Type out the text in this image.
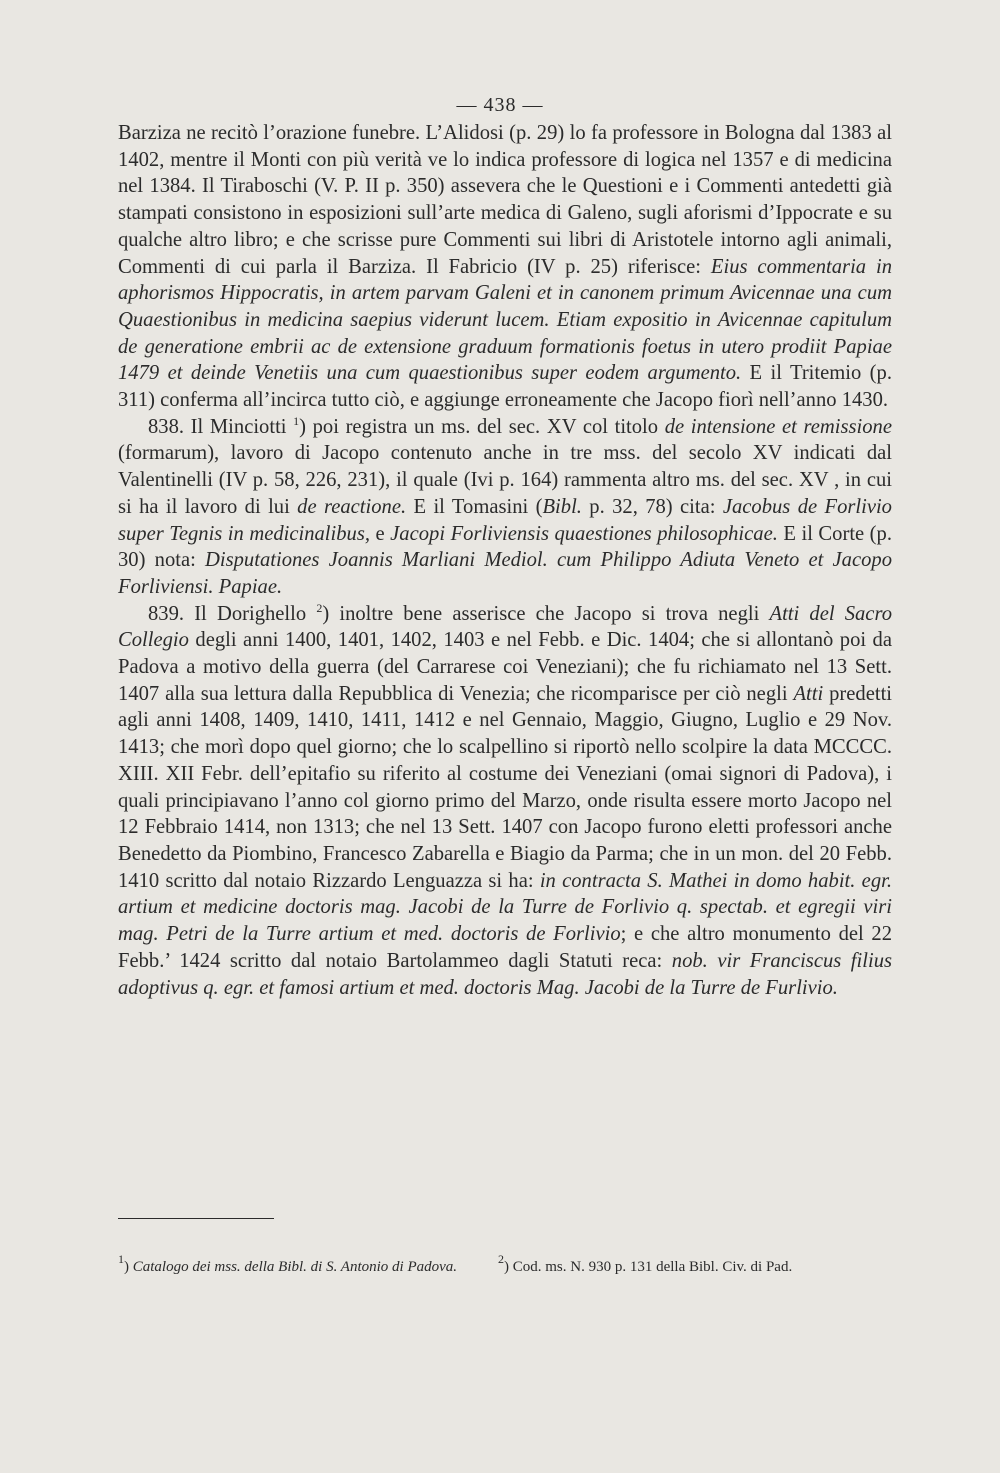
— 438 —

Barziza ne recitò l’orazione funebre. L’Alidosi (p. 29) lo fa professore in Bologna dal 1383 al 1402, mentre il Monti con più verità ve lo indica professore di logica nel 1357 e di medicina nel 1384. Il Tiraboschi (V. P. II p. 350) assevera che le Questioni e i Commenti antedetti già stampati consistono in esposizioni sull’arte medica di Galeno, sugli aforismi d’Ippocrate e su qualche altro libro; e che scrisse pure Commenti sui libri di Aristotele intorno agli animali, Commenti di cui parla il Barziza. Il Fabricio (IV p. 25) riferisce: Eius commentaria in aphorismos Hippocratis, in artem parvam Galeni et in canonem primum Avicennae una cum Quaestionibus in medicina saepius viderunt lucem. Etiam expositio in Avicennae capitulum de generatione embrii ac de extensione graduum formationis foetus in utero prodiit Papiae 1479 et deinde Venetiis una cum quaestionibus super eodem argumento. E il Tritemio (p. 311) conferma all’incirca tutto ciò, e aggiunge erroneamente che Jacopo fiorì nell’anno 1430.

838. Il Minciotti $^1$) poi registra un ms. del sec. XV col titolo de intensione et remissione (formarum), lavoro di Jacopo contenuto anche in tre mss. del secolo XV indicati dal Valentinelli (IV p. 58, 226, 231), il quale (Ivi p. 164) rammenta altro ms. del sec. XV , in cui si ha il lavoro di lui de reactione. E il Tomasini (Bibl. p. 32, 78) cita: Jacobus de Forlivio super Tegnis in medicinalibus, e Jacopi Forliviensis quaestiones philosophicae. E il Corte (p. 30) nota: Disputationes Joannis Marliani Mediol. cum Philippo Adiuta Veneto et Jacopo Forliviensi. Papiae.

839. Il Dorighello $^2$) inoltre bene asserisce che Jacopo si trova negli Atti del Sacro Collegio degli anni 1400, 1401, 1402, 1403 e nel Febb. e Dic. 1404; che si allontanò poi da Padova a motivo della guerra (del Carrarese coi Veneziani); che fu richiamato nel 13 Sett. 1407 alla sua lettura dalla Repubblica di Venezia; che ricomparisce per ciò negli Atti predetti agli anni 1408, 1409, 1410, 1411, 1412 e nel Gennaio, Maggio, Giugno, Luglio e 29 Nov. 1413; che morì dopo quel giorno; che lo scalpellino si riportò nello scolpire la data MCCCC. XIII. XII Febr. dell’epitafio su riferito al costume dei Veneziani (omai signori di Padova), i quali principiavano l’anno col giorno primo del Marzo, onde risulta essere morto Jacopo nel 12 Febbraio 1414, non 1313; che nel 13 Sett. 1407 con Jacopo furono eletti professori anche Benedetto da Piombino, Francesco Zabarella e Biagio da Parma; che in un mon. del 20 Febb. 1410 scritto dal notaio Rizzardo Lenguazza si ha: in contracta S. Mathei in domo habit. egr. artium et medicine doctoris mag. Jacobi de la Turre de Forlivio q. spectab. et egregii viri mag. Petri de la Turre artium et med. doctoris de Forlivio; e che altro monumento del 22 Febb.’ 1424 scritto dal notaio Bartolammeo dagli Statuti reca: nob. vir Franciscus filius adoptivus q. egr. et famosi artium et med. doctoris Mag. Jacobi de la Turre de Furlivio.

$^1$) Catalogo dei mss. della Bibl. di S. Antonio di Padova.	$^2$) Cod. ms. N. 930 p. 131 della Bibl. Civ. di Pad.
